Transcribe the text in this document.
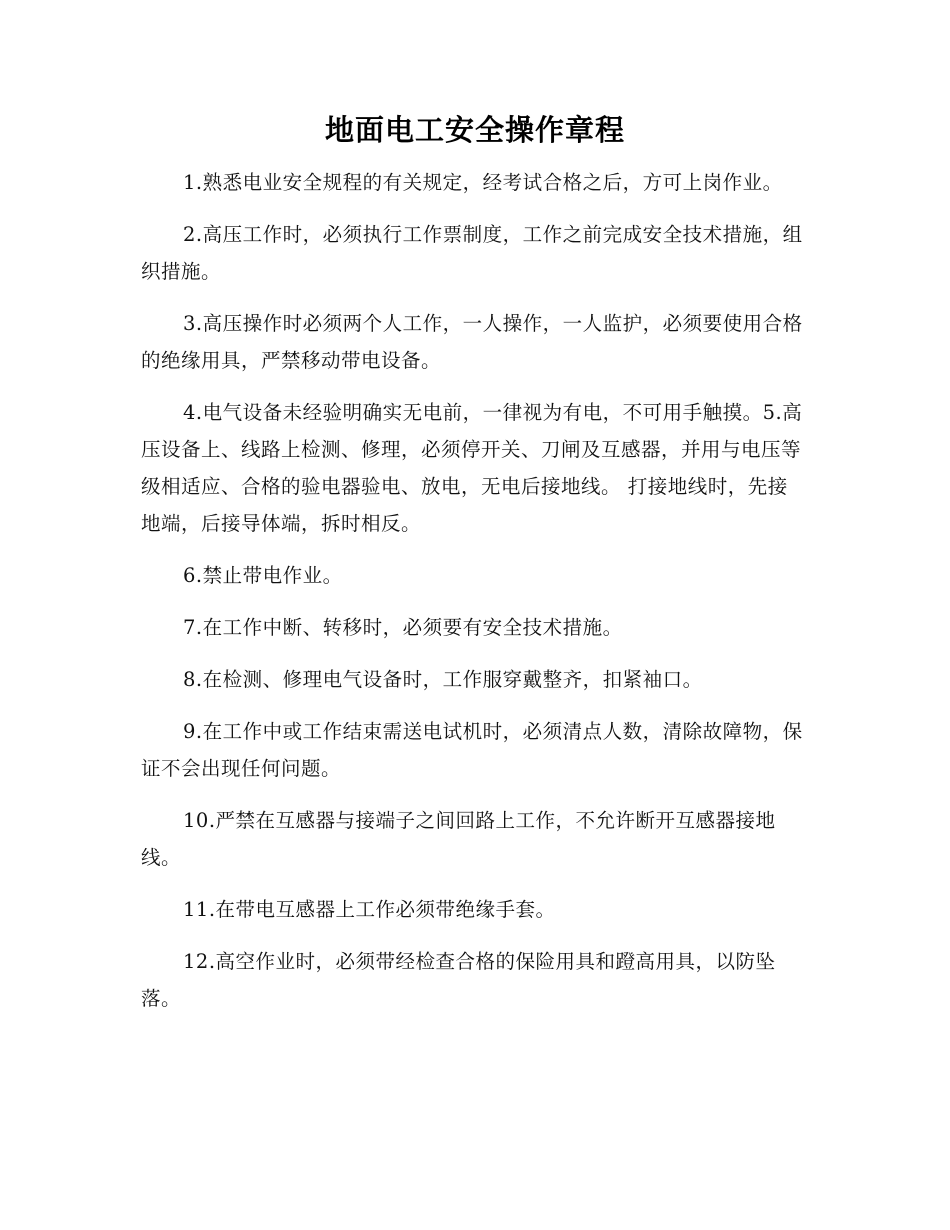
地面电工安全操作章程

1.熟悉电业安全规程的有关规定，经考试合格之后，方可上岗作业。

2.高压工作时，必须执行工作票制度，工作之前完成安全技术措施，组织措施。

3.高压操作时必须两个人工作，一人操作，一人监护，必须要使用合格的绝缘用具，严禁移动带电设备。

4.电气设备未经验明确实无电前，一律视为有电，不可用手触摸。5.高压设备上、线路上检测、修理，必须停开关、刀闸及互感器，并用与电压等级相适应、合格的验电器验电、放电，无电后接地线。 打接地线时，先接地端，后接导体端，拆时相反。

6.禁止带电作业。

7.在工作中断、转移时，必须要有安全技术措施。

8.在检测、修理电气设备时，工作服穿戴整齐，扣紧袖口。

9.在工作中或工作结束需送电试机时，必须清点人数，清除故障物，保证不会出现任何问题。

10.严禁在互感器与接端子之间回路上工作，不允许断开互感器接地线。

11.在带电互感器上工作必须带绝缘手套。

12.高空作业时，必须带经检查合格的保险用具和蹬高用具，以防坠落。
